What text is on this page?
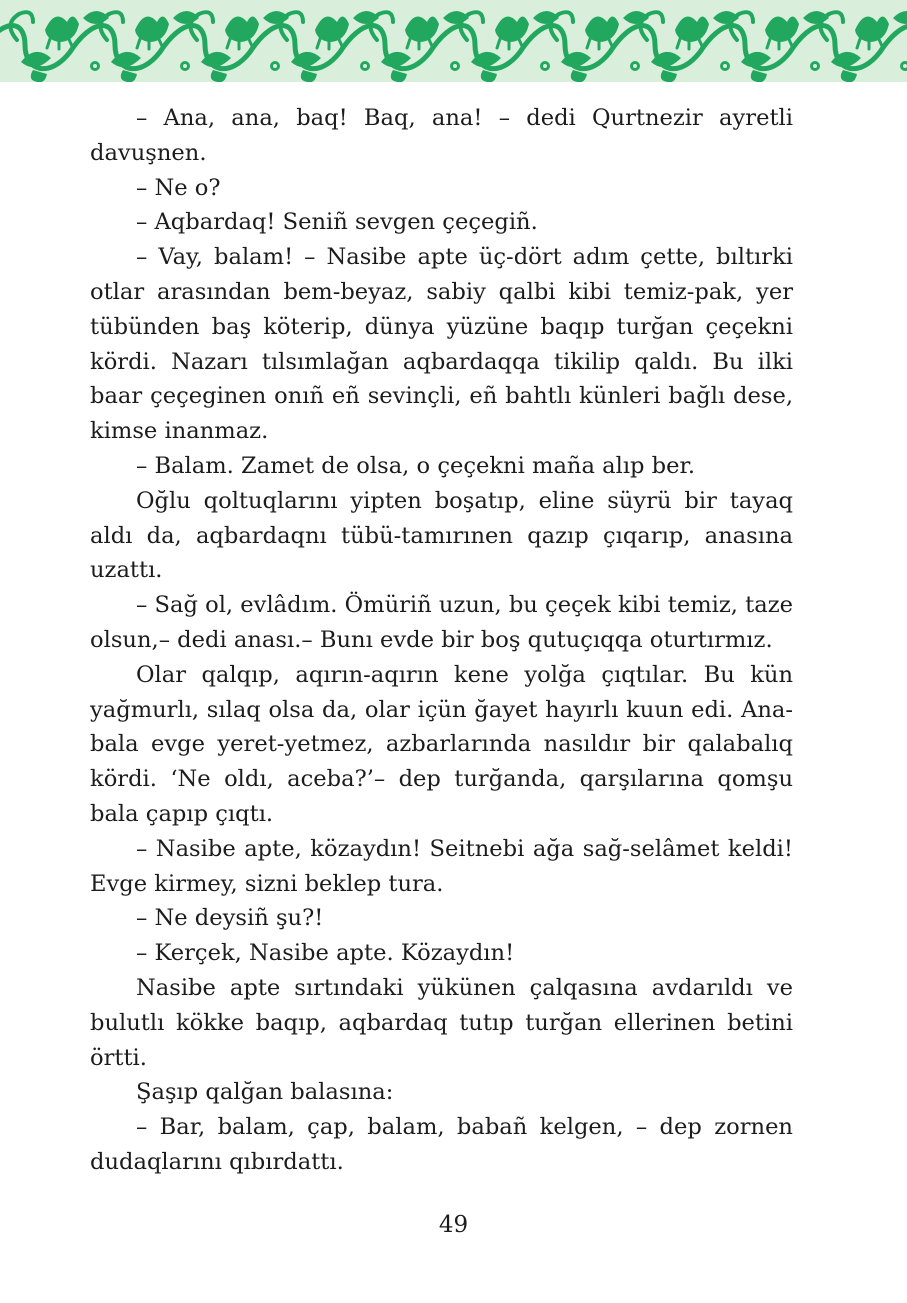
– Ana, ana, baq! Baq, ana! – dedi Qurtnezir ayretli davuşnen.

– Ne o?

– Aqbardaq! Seniñ sevgen çeçegiñ.

– Vay, balam! – Nasibe apte üç-dört adım çette, bıltırki otlar arasından bem-beyaz, sabiy qalbi kibi temiz-pak, yer tübünden baş köterip, dünya yüzüne baqıp turğan çeçekni kördi. Nazarı tılsımlağan aqbardaqqa tikilip qaldı. Bu ilki baar çeçeginen onıñ eñ sevinçli, eñ bahtlı künleri bağlı dese, kimse inanmaz.

– Balam. Zamet de olsa, o çeçekni maña alıp ber.

Oğlu qoltuqlarını yipten boşatıp, eline süyrü bir tayaq aldı da, aqbardaqnı tübü-tamırınen qazıp çıqarıp, anasına uzattı.

– Sağ ol, evlâdım. Ömüriñ uzun, bu çeçek kibi temiz, taze olsun,– dedi anası.– Bunı evde bir boş qutuçıqqa oturtırmız.

Olar qalqıp, aqırın-aqırın kene yolğa çıqtılar. Bu kün yağmurlı, sılaq olsa da, olar içün ğayet hayırlı kuun edi. Ana-bala evge yeret-yetmez, azbarlarında nasıldır bir qalabalıq kördi. ‘Ne oldı, aceba?’– dep turğanda, qarşılarına qomşu bala çapıp çıqtı.

– Nasibe apte, közaydın! Seitnebi ağa sağ-selâmet keldi! Evge kirmey, sizni beklep tura.

– Ne deysiñ şu?!

– Kerçek, Nasibe apte. Közaydın!

Nasibe apte sırtındaki yükünen çalqasına avdarıldı ve bulutlı kökke baqıp, aqbardaq tutıp turğan ellerinen betini örtti.

Şaşıp qalğan balasına:

– Bar, balam, çap, balam, babañ kelgen, – dep zornen dudaqlarını qıbırdattı.

49
